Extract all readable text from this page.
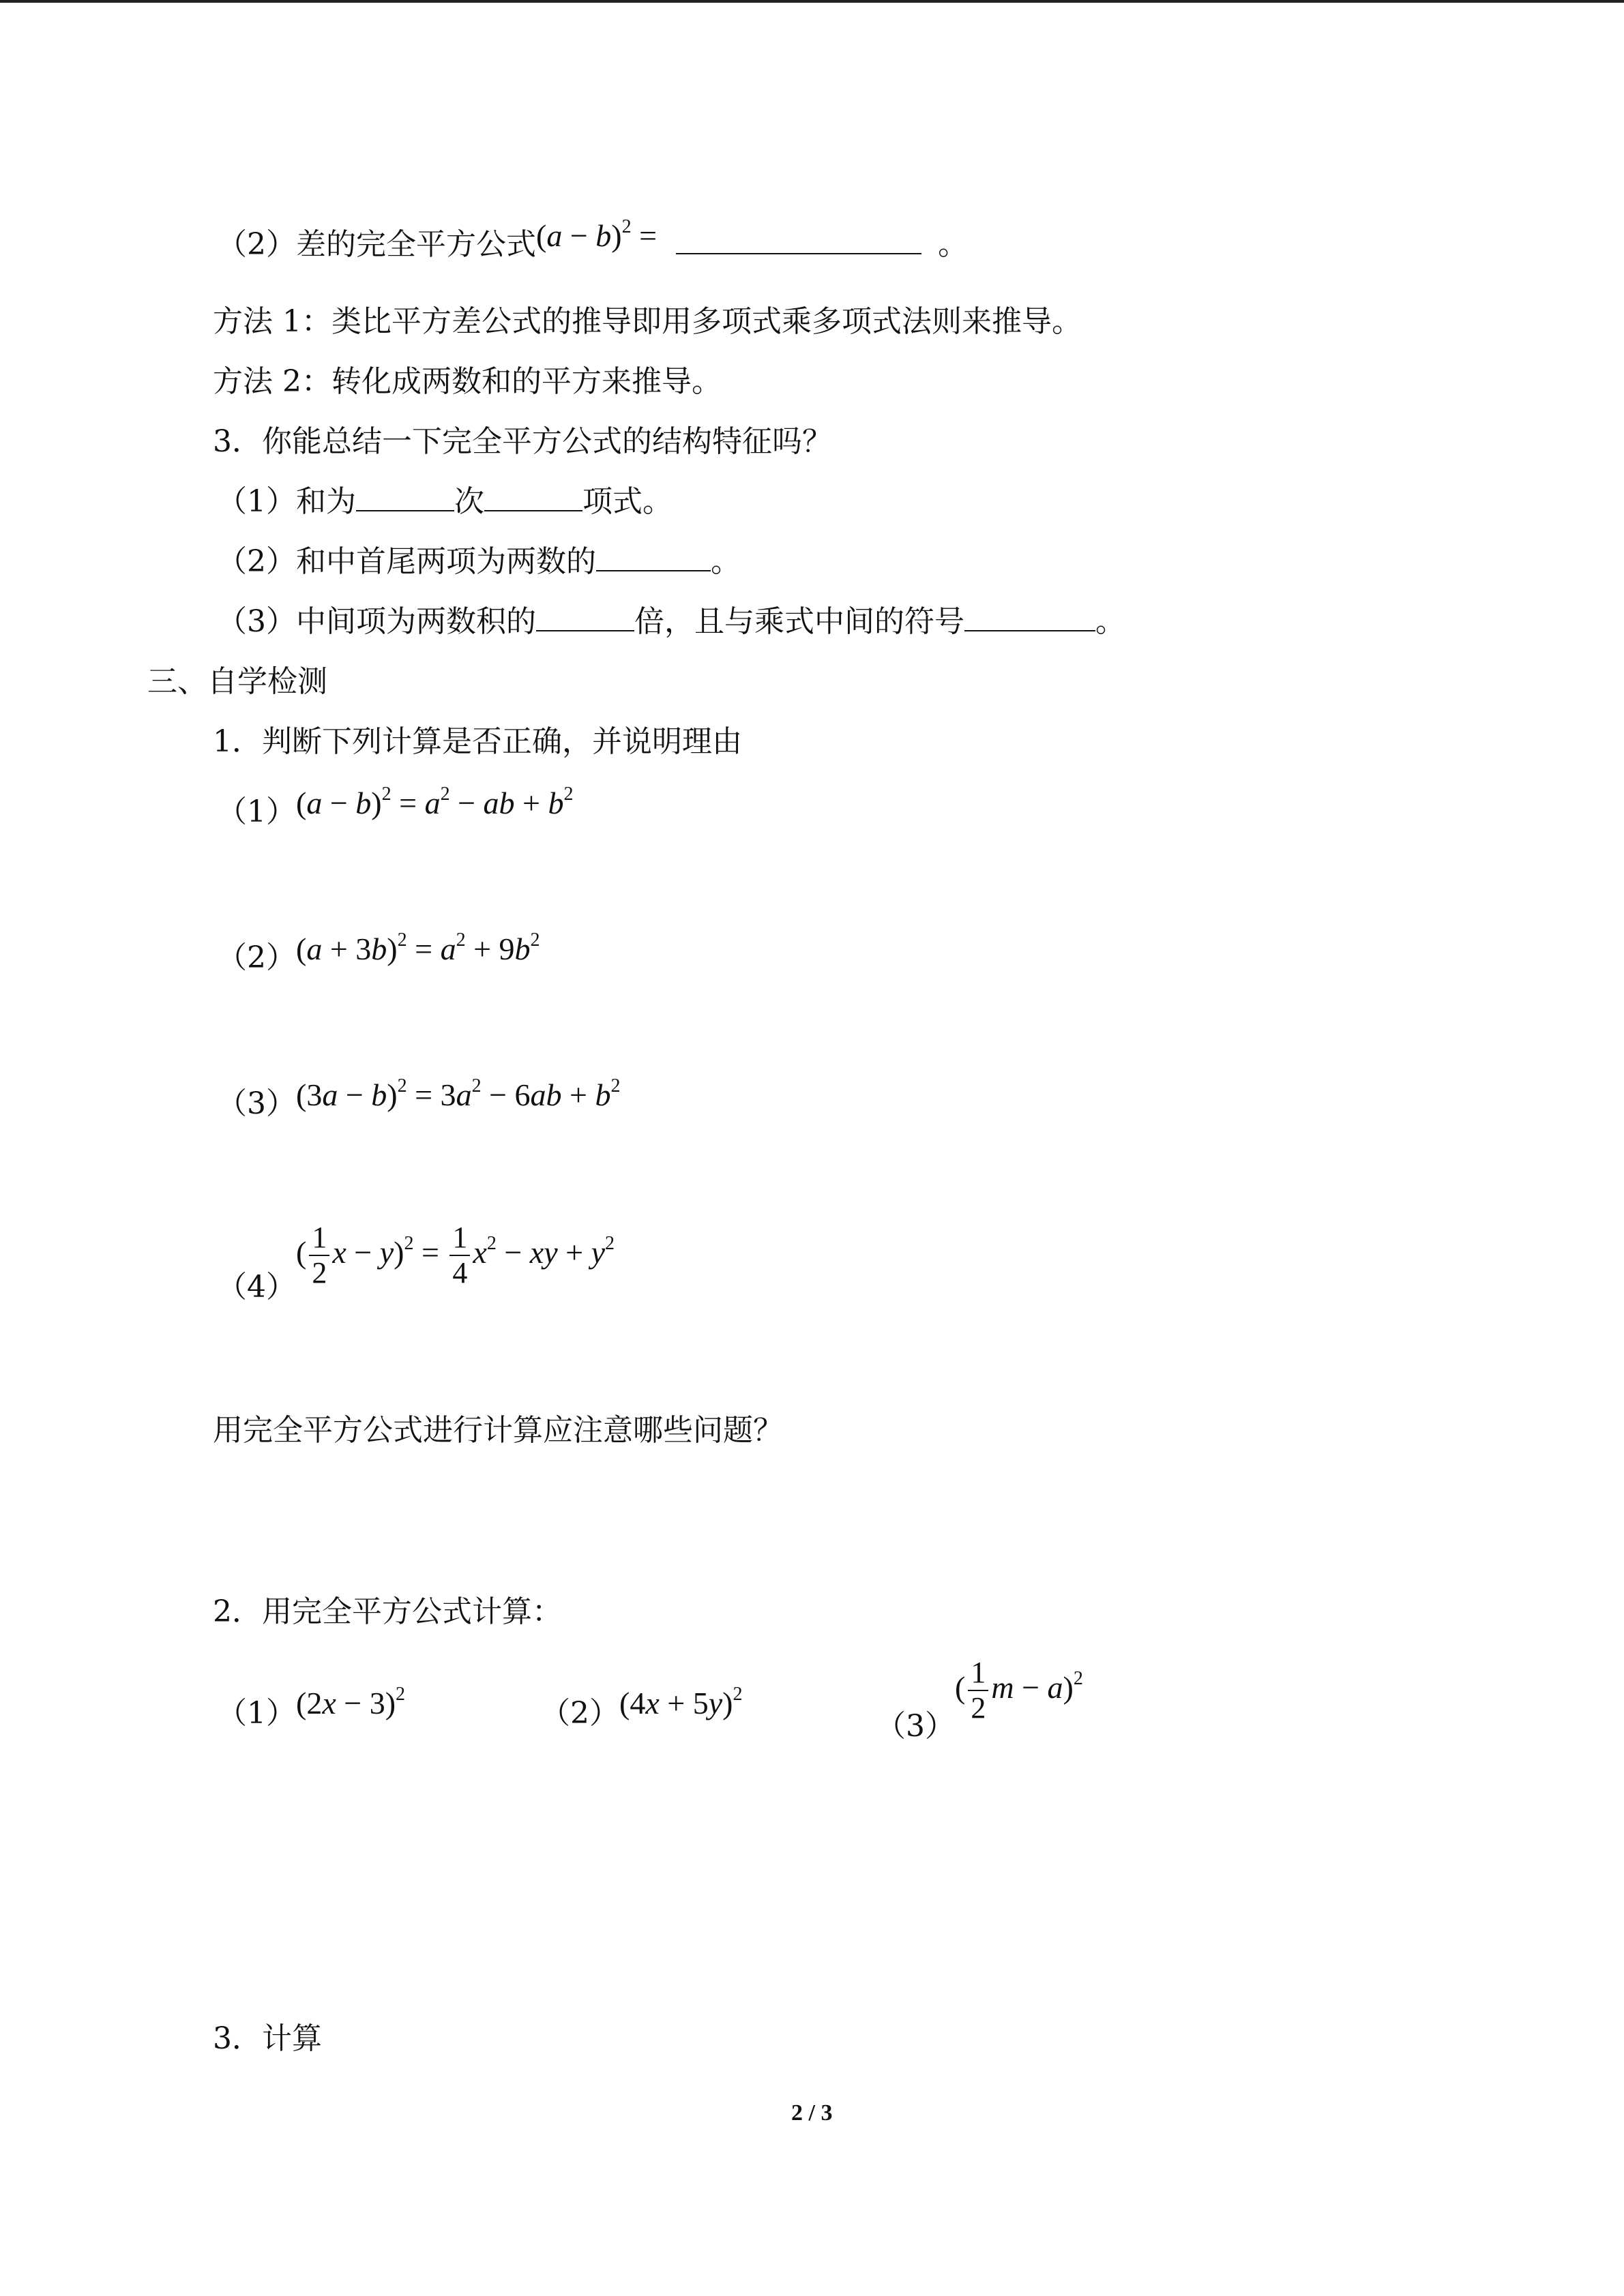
（2）差的完全平方公式$(a - b)^2$ =	。
方法 1：类比平方差公式的推导即用多项式乘多项式法则来推导。
方法 2：转化成两数和的平方来推导。
3．你能总结一下完全平方公式的结构特征吗？
（1）和为	次	项式。
（2）和中首尾两项为两数的	。
（3）中间项为两数积的	倍，且与乘式中间的符号	。
三、自学检测
1．判断下列计算是否正确，并说明理由
$(1)(a - b)^2 = a^2$ − ab + $b^2$
$(2)(a + 3b)^2 = a^2 + 9b^2$
$(3)(3a - b)^2 = 3a^2 - 6ab + b^2$
$(4)( \frac{1}{2}$ $x - y)^2 = \frac{1}{4} x^2$ − xy + $y^2$
用完全平方公式进行计算应注意哪些问题？
2．用完全平方公式计算：
$(1)(2x - 3)^2$
$(2)(4x + 5y)^2$
$(3)( \frac{1}{2}$ $m - a)^2$
3．计算
2 / 3
